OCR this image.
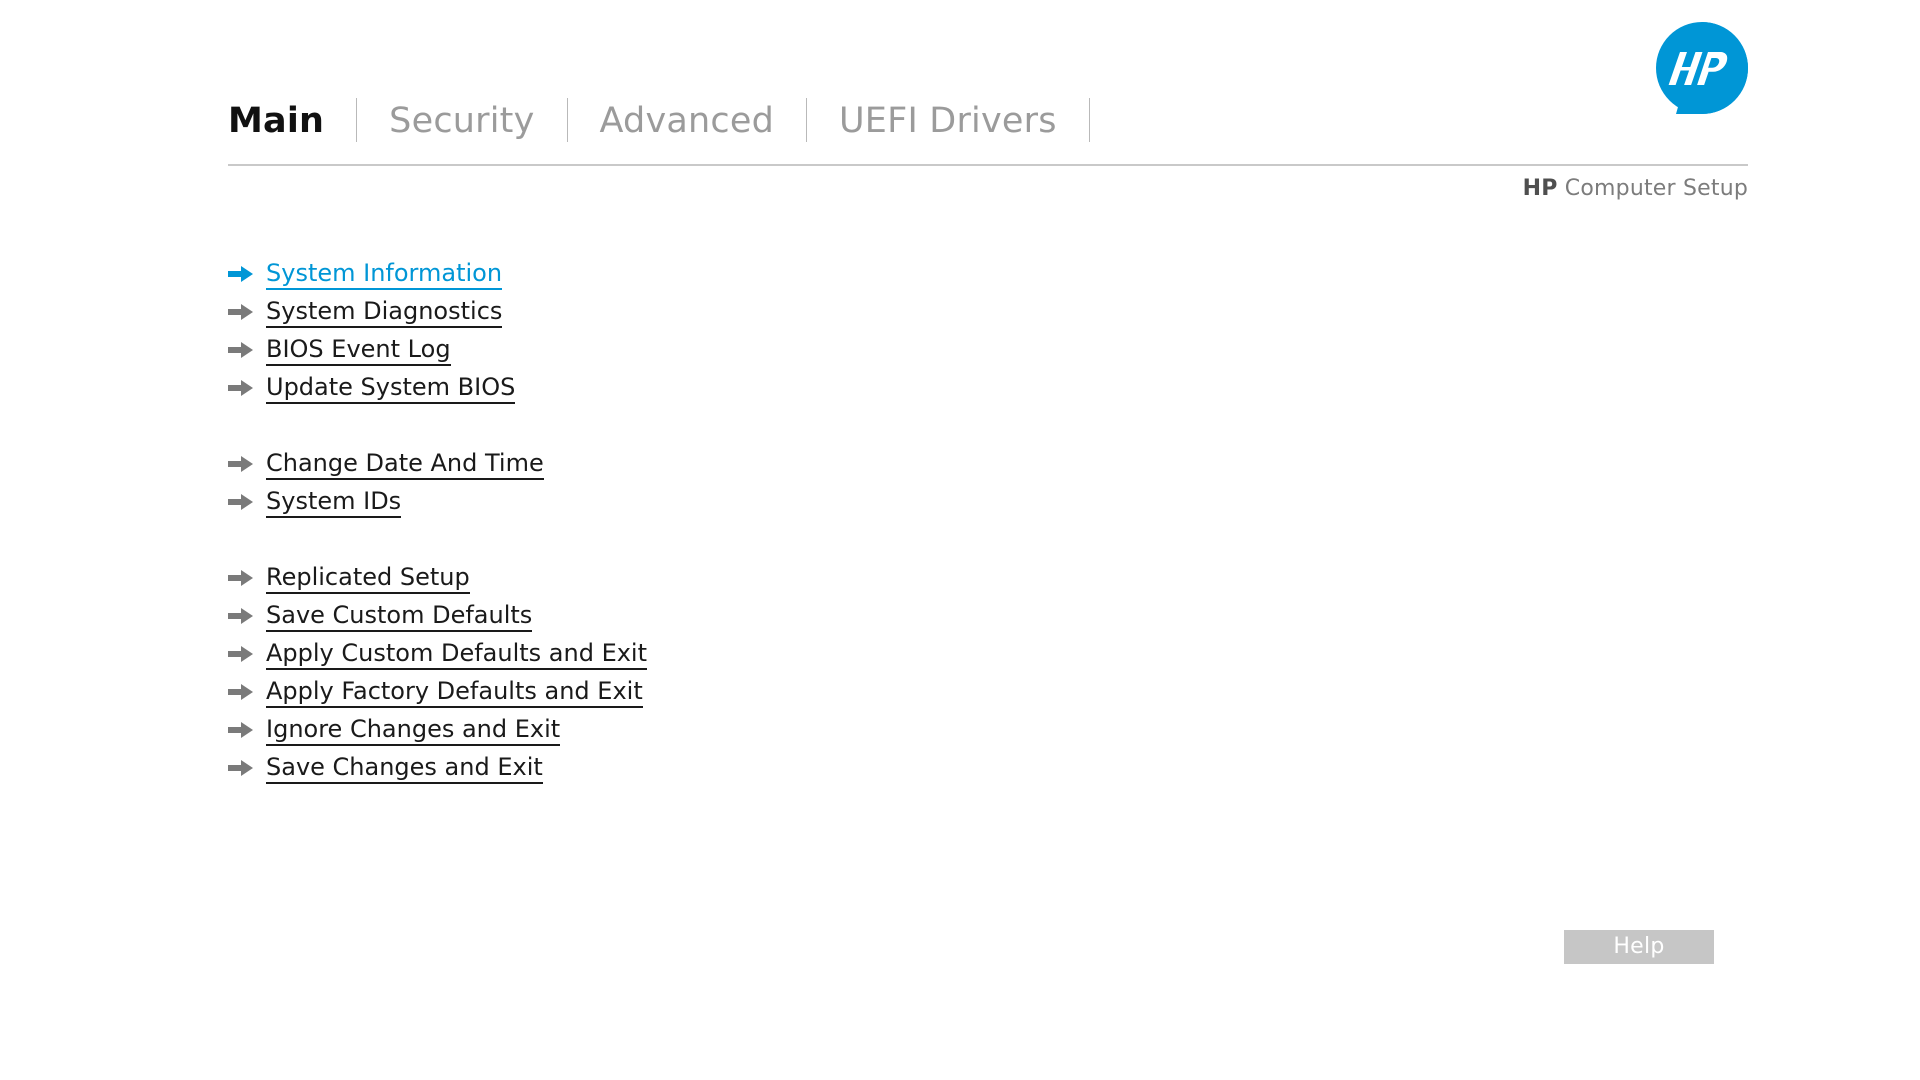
Main Security Advanced UEFI Drivers
HP Computer Setup
System Information
System Diagnostics
BIOS Event Log
Update System BIOS
Change Date And Time
System IDs
Replicated Setup
Save Custom Defaults
Apply Custom Defaults and Exit
Apply Factory Defaults and Exit
Ignore Changes and Exit
Save Changes and Exit
Help
